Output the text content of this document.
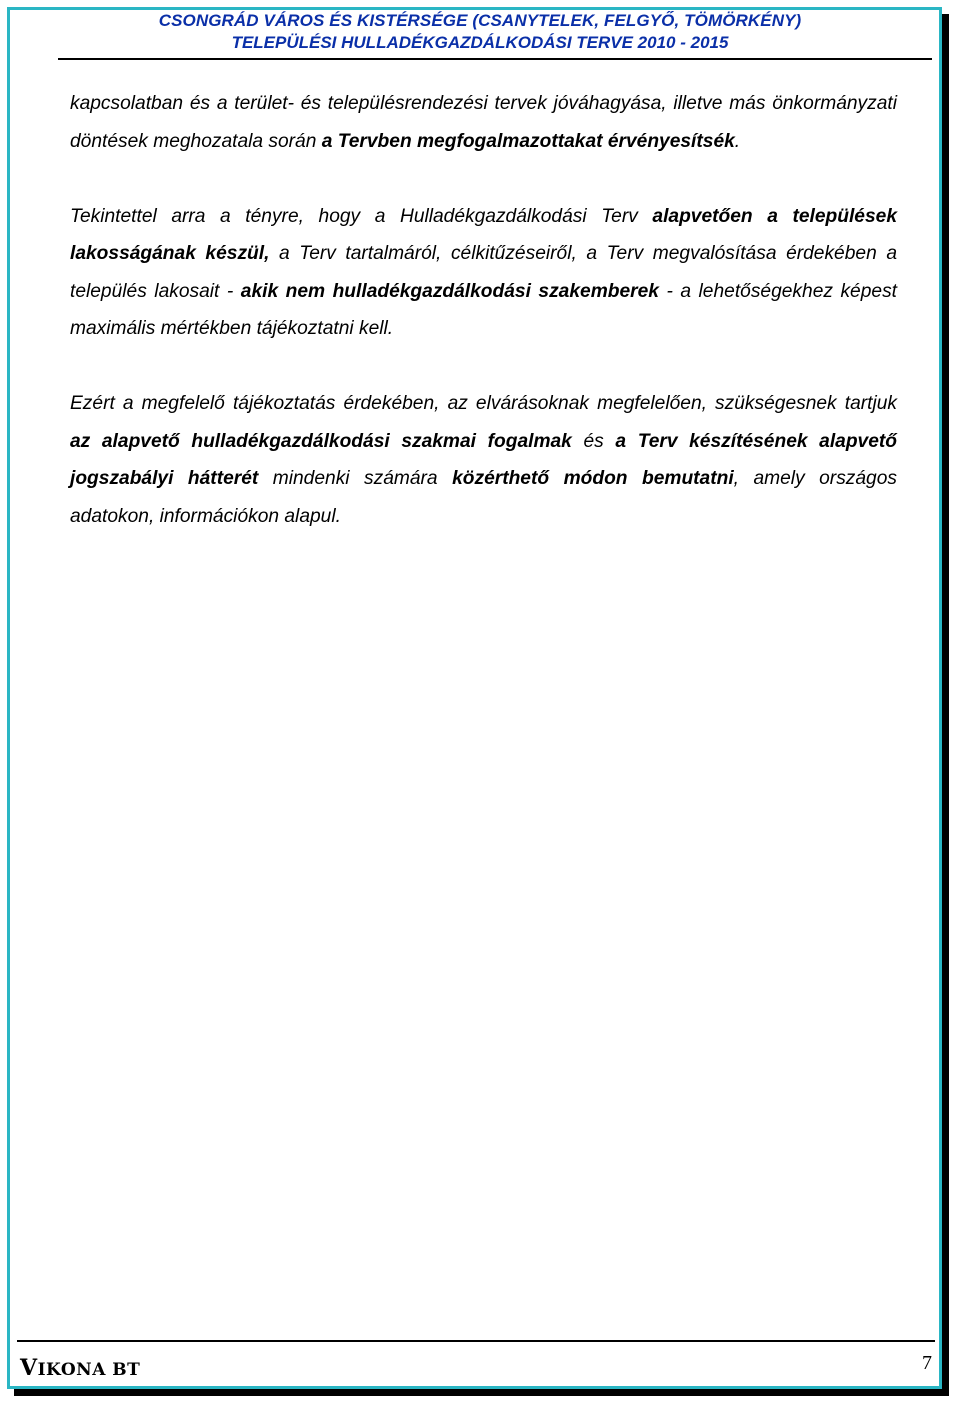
CSONGRÁD VÁROS ÉS KISTÉRSÉGE (CSANYTELEK, FELGYŐ, TÖMÖRKÉNY)
TELEPÜLÉSI HULLADÉKGAZDÁLKODÁSI TERVE 2010 - 2015

kapcsolatban és a terület- és településrendezési tervek jóváhagyása, illetve más önkormányzati döntések meghozatala során a Tervben megfogalmazottakat érvényesítsék.

Tekintettel arra a tényre, hogy a Hulladékgazdálkodási Terv alapvetően a települések lakosságának készül, a Terv tartalmáról, célkitűzéseiről, a Terv megvalósítása érdekében a település lakosait - akik nem hulladékgazdálkodási szakemberek - a lehetőségekhez képest maximális mértékben tájékoztatni kell.

Ezért a megfelelő tájékoztatás érdekében, az elvárásoknak megfelelően, szükségesnek tartjuk az alapvető hulladékgazdálkodási szakmai fogalmak és a Terv készítésének alapvető jogszabályi hátterét mindenki számára közérthető módon bemutatni, amely országos adatokon, információkon alapul.

VIKONA BT	7
